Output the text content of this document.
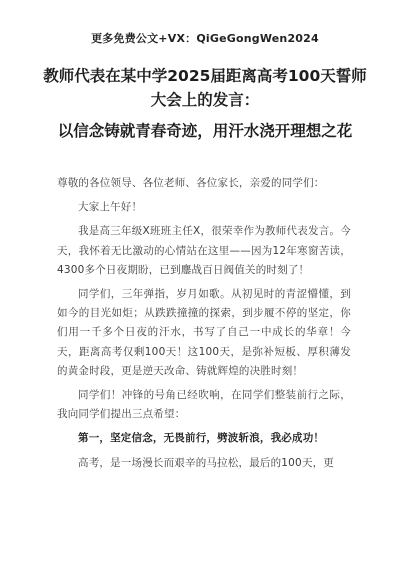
更多免费公文+VX：QiGeGongWen2024
教师代表在某中学2025届距离高考100天誓师大会上的发言：
以信念铸就青春奇迹，用汗水浇开理想之花

尊敬的各位领导、各位老师、各位家长，亲爱的同学们：

大家上午好！

我是高三年级X班班主任X，很荣幸作为教师代表发言。今天，我怀着无比激动的心情站在这里——因为12年寒窗苦读，4300多个日夜期盼，已到鏖战百日阀值关的时刻了！

同学们，三年弹指，岁月如歌。从初见时的青涩懵懂，到如今的目光如炬；从跌跌撞撞的探索，到步履不停的坚定，你们用一千多个日夜的汗水，书写了自己一中成长的华章！今天，距离高考仅剩100天！这100天，是弥补短板、厚积薄发的黄金时段，更是逆天改命、铸就辉煌的决胜时刻！

同学们！冲锋的号角已经吹响，在同学们整装前行之际，我向同学们提出三点希望：

第一，坚定信念，无畏前行，劈波斩浪，我必成功！

高考，是一场漫长而艰辛的马拉松，最后的100天，更
